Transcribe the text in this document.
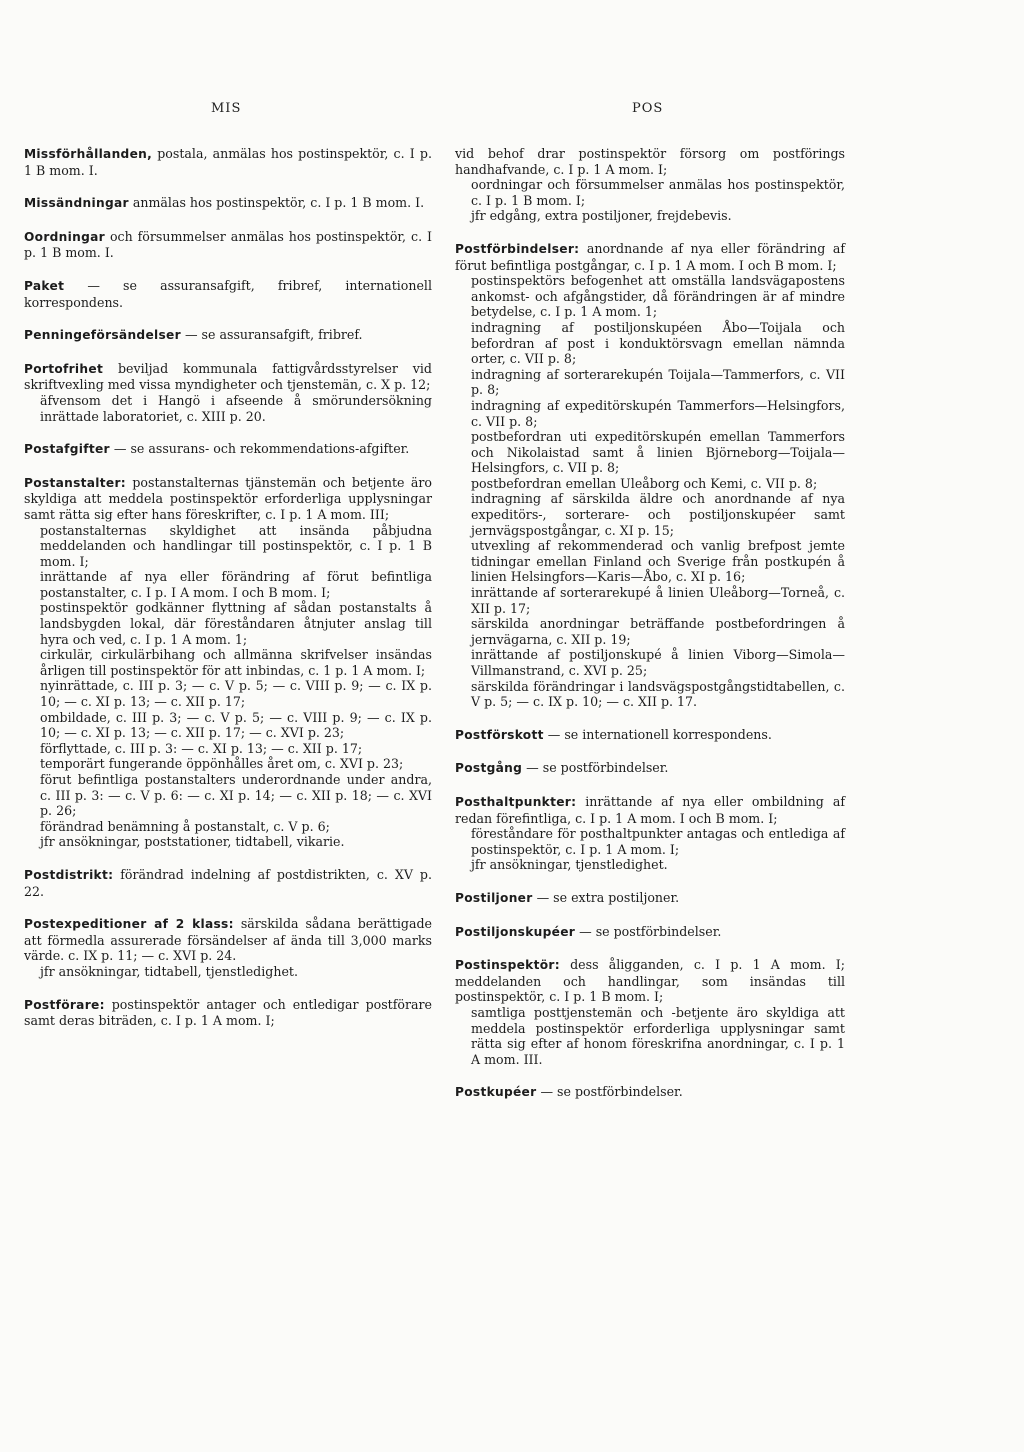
MIS	POS

Missförhållanden, postala, anmälas hos postinspektör, c. I p. 1 B mom. I.

Missändningar anmälas hos postinspektör, c. I p. 1 B mom. I.

Oordningar och försummelser anmälas hos postinspektör, c. I p. 1 B mom. I.

Paket — se assuransafgift, fribref, internationell korrespondens.

Penningeförsändelser — se assuransafgift, fribref.

Portofrihet beviljad kommunala fattigvårdsstyrelser vid skriftvexling med vissa myndigheter och tjenstemän, c. X p. 12;

äfvensom det i Hangö i afseende å smörundersökning inrättade laboratoriet, c. XIII p. 20.

Postafgifter — se assurans- och rekommendations-afgifter.

Postanstalter: postanstalternas tjänstemän och betjente äro skyldiga att meddela postinspektör erforderliga upplysningar samt rätta sig efter hans föreskrifter, c. I p. 1 A mom. III;

postanstalternas skyldighet att insända påbjudna meddelanden och handlingar till postinspektör, c. I p. 1 B mom. I;

inrättande af nya eller förändring af förut befintliga postanstalter, c. I p. I A mom. I och B mom. I;

postinspektör godkänner flyttning af sådan postanstalts å landsbygden lokal, där föreståndaren åtnjuter anslag till hyra och ved, c. I p. 1 A mom. 1;

cirkulär, cirkulärbihang och allmänna skrifvelser insändas årligen till postinspektör för att inbindas, c. 1 p. 1 A mom. I;

nyinrättade, c. III p. 3; — c. V p. 5; — c. VIII p. 9; — c. IX p. 10; — c. XI p. 13; — c. XII p. 17;

ombildade, c. III p. 3; — c. V p. 5; — c. VIII p. 9; — c. IX p. 10; — c. XI p. 13; — c. XII p. 17; — c. XVI p. 23;

förflyttade, c. III p. 3: — c. XI p. 13; — c. XII p. 17;

temporärt fungerande öppönhålles året om, c. XVI p. 23;

förut befintliga postanstalters underordnande under andra, c. III p. 3: — c. V p. 6: — c. XI p. 14; — c. XII p. 18; — c. XVI p. 26;

förändrad benämning å postanstalt, c. V p. 6;

jfr ansökningar, poststationer, tidtabell, vikarie.

Postdistrikt: förändrad indelning af postdistrikten, c. XV p. 22.

Postexpeditioner af 2 klass: särskilda sådana berättigade att förmedla assurerade försändelser af ända till 3,000 marks värde. c. IX p. 11; — c. XVI p. 24.

jfr ansökningar, tidtabell, tjenstledighet.

Postförare: postinspektör antager och entledigar postförare samt deras biträden, c. I p. 1 A mom. I;

vid behof drar postinspektör försorg om postförings handhafvande, c. I p. 1 A mom. I;

oordningar och försummelser anmälas hos postinspektör, c. I p. 1 B mom. I;

jfr edgång, extra postiljoner, frejdebevis.

Postförbindelser: anordnande af nya eller förändring af förut befintliga postgångar, c. I p. 1 A mom. I och B mom. I;

postinspektörs befogenhet att omställa landsvägapostens ankomst- och afgångstider, då förändringen är af mindre betydelse, c. I p. 1 A mom. 1;

indragning af postiljonskupéen Åbo—Toijala och befordran af post i konduktörsvagn emellan nämnda orter, c. VII p. 8;

indragning af sorterarekupén Toijala—Tammerfors, c. VII p. 8;

indragning af expeditörskupén Tammerfors—Helsingfors, c. VII p. 8;

postbefordran uti expeditörskupén emellan Tammerfors och Nikolaistad samt å linien Björneborg—Toijala—Helsingfors, c. VII p. 8;

postbefordran emellan Uleåborg och Kemi, c. VII p. 8;

indragning af särskilda äldre och anordnande af nya expeditörs-, sorterare- och postiljonskupéer samt jernvägspostgångar, c. XI p. 15;

utvexling af rekommenderad och vanlig brefpost jemte tidningar emellan Finland och Sverige från postkupén å linien Helsingfors—Karis—Åbo, c. XI p. 16;

inrättande af sorterarekupé å linien Uleåborg—Torneå, c. XII p. 17;

särskilda anordningar beträffande postbefordringen å jernvägarna, c. XII p. 19;

inrättande af postiljonskupé å linien Viborg—Simola—Villmanstrand, c. XVI p. 25;

särskilda förändringar i landsvägspostgångstidtabellen, c. V p. 5; — c. IX p. 10; — c. XII p. 17.

Postförskott — se internationell korrespondens.

Postgång — se postförbindelser.

Posthaltpunkter: inrättande af nya eller ombildning af redan förefintliga, c. I p. 1 A mom. I och B mom. I;

föreståndare för posthaltpunkter antagas och entlediga af postinspektör, c. I p. 1 A mom. I;

jfr ansökningar, tjenstledighet.

Postiljoner — se extra postiljoner.

Postiljonskupéer — se postförbindelser.

Postinspektör: dess åligganden, c. I p. 1 A mom. I; meddelanden och handlingar, som insändas till postinspektör, c. I p. 1 B mom. I;

samtliga posttjenstemän och -betjente äro skyldiga att meddela postinspektör erforderliga upplysningar samt rätta sig efter af honom föreskrifna anordningar, c. I p. 1 A mom. III.

Postkupéer — se postförbindelser.
